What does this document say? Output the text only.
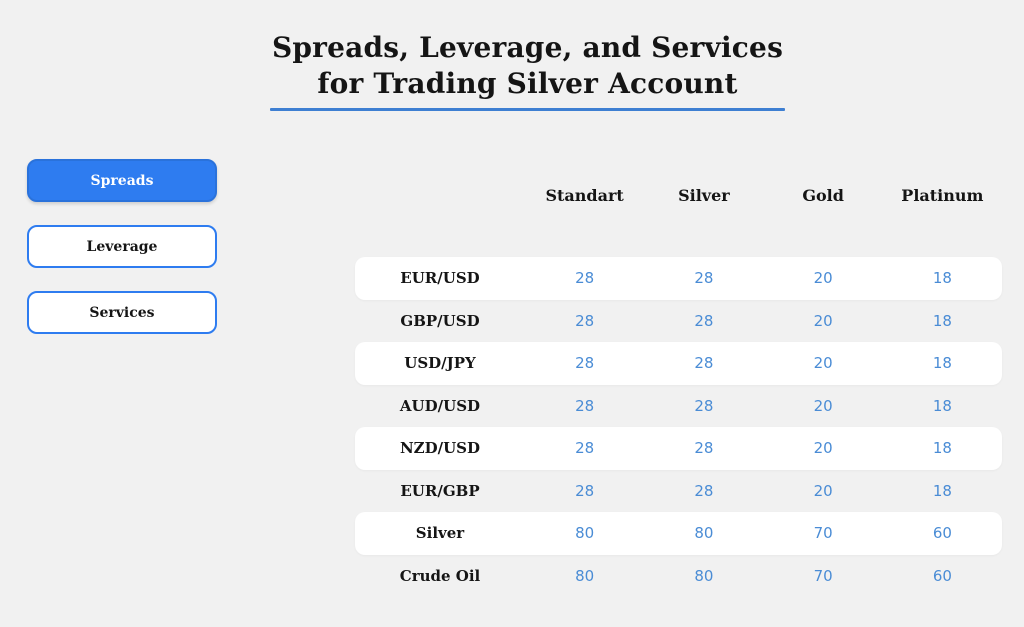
Spreads, Leverage, and Services
for Trading Silver Account
Spreads
Leverage
Services
Standart	Silver	Gold	Platinum
EUR/USD	28	28	20	18
GBP/USD	28	28	20	18
USD/JPY	28	28	20	18
AUD/USD	28	28	20	18
NZD/USD	28	28	20	18
EUR/GBP	28	28	20	18
Silver	80	80	70	60
Crude Oil	80	80	70	60
